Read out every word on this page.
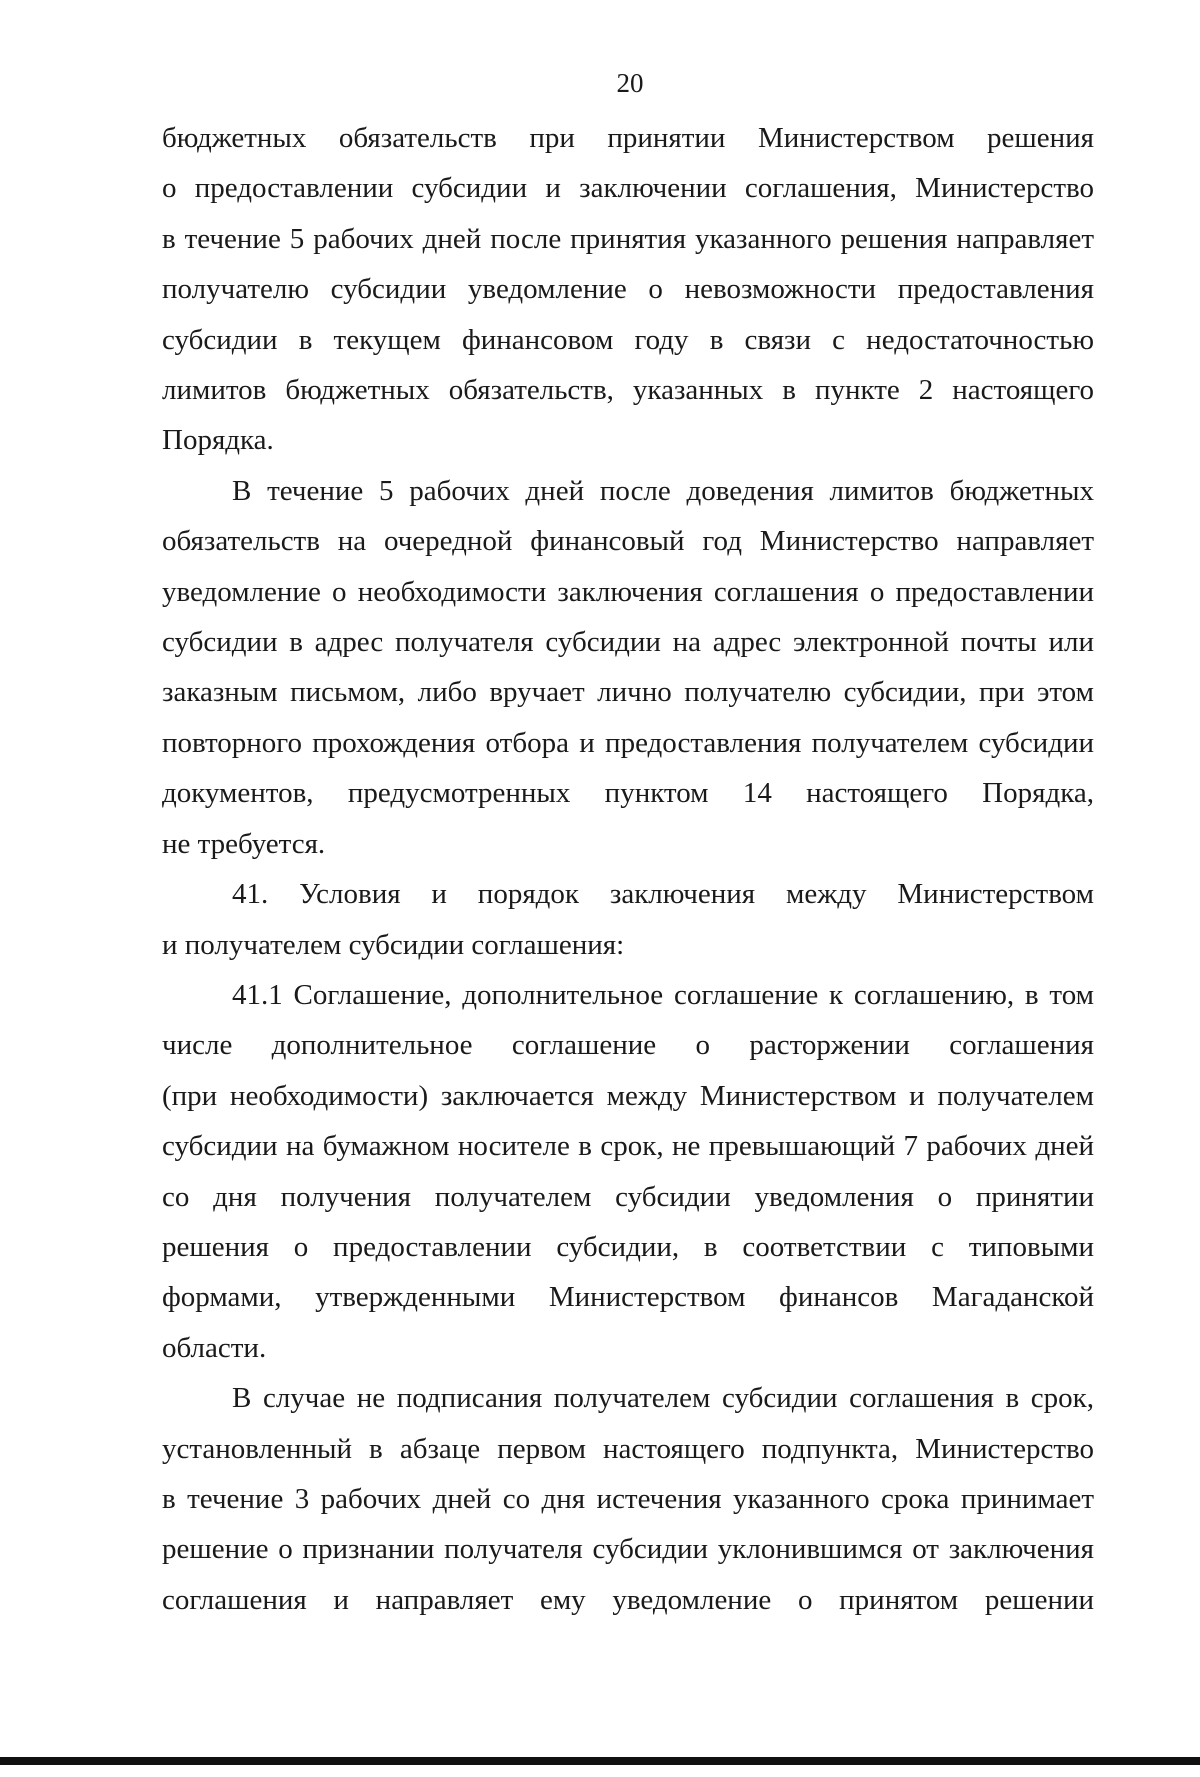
20

бюджетных обязательств при принятии Министерством решения
о предоставлении субсидии и заключении соглашения, Министерство
в течение 5 рабочих дней после принятия указанного решения направляет
получателю субсидии уведомление о невозможности предоставления
субсидии в текущем финансовом году в связи с недостаточностью
лимитов бюджетных обязательств, указанных в пункте 2 настоящего
Порядка.

В течение 5 рабочих дней после доведения лимитов бюджетных
обязательств на очередной финансовый год Министерство направляет
уведомление о необходимости заключения соглашения о предоставлении
субсидии в адрес получателя субсидии на адрес электронной почты или
заказным письмом, либо вручает лично получателю субсидии, при этом
повторного прохождения отбора и предоставления получателем субсидии
документов, предусмотренных пунктом 14 настоящего Порядка,
не требуется.

41. Условия и порядок заключения между Министерством
и получателем субсидии соглашения:

41.1 Соглашение, дополнительное соглашение к соглашению, в том
числе дополнительное соглашение о расторжении соглашения
(при необходимости) заключается между Министерством и получателем
субсидии на бумажном носителе в срок, не превышающий 7 рабочих дней
со дня получения получателем субсидии уведомления о принятии
решения о предоставлении субсидии, в соответствии с типовыми
формами, утвержденными Министерством финансов Магаданской
области.

В случае не подписания получателем субсидии соглашения в срок,
установленный в абзаце первом настоящего подпункта, Министерство
в течение 3 рабочих дней со дня истечения указанного срока принимает
решение о признании получателя субсидии уклонившимся от заключения
соглашения и направляет ему уведомление о принятом решении
